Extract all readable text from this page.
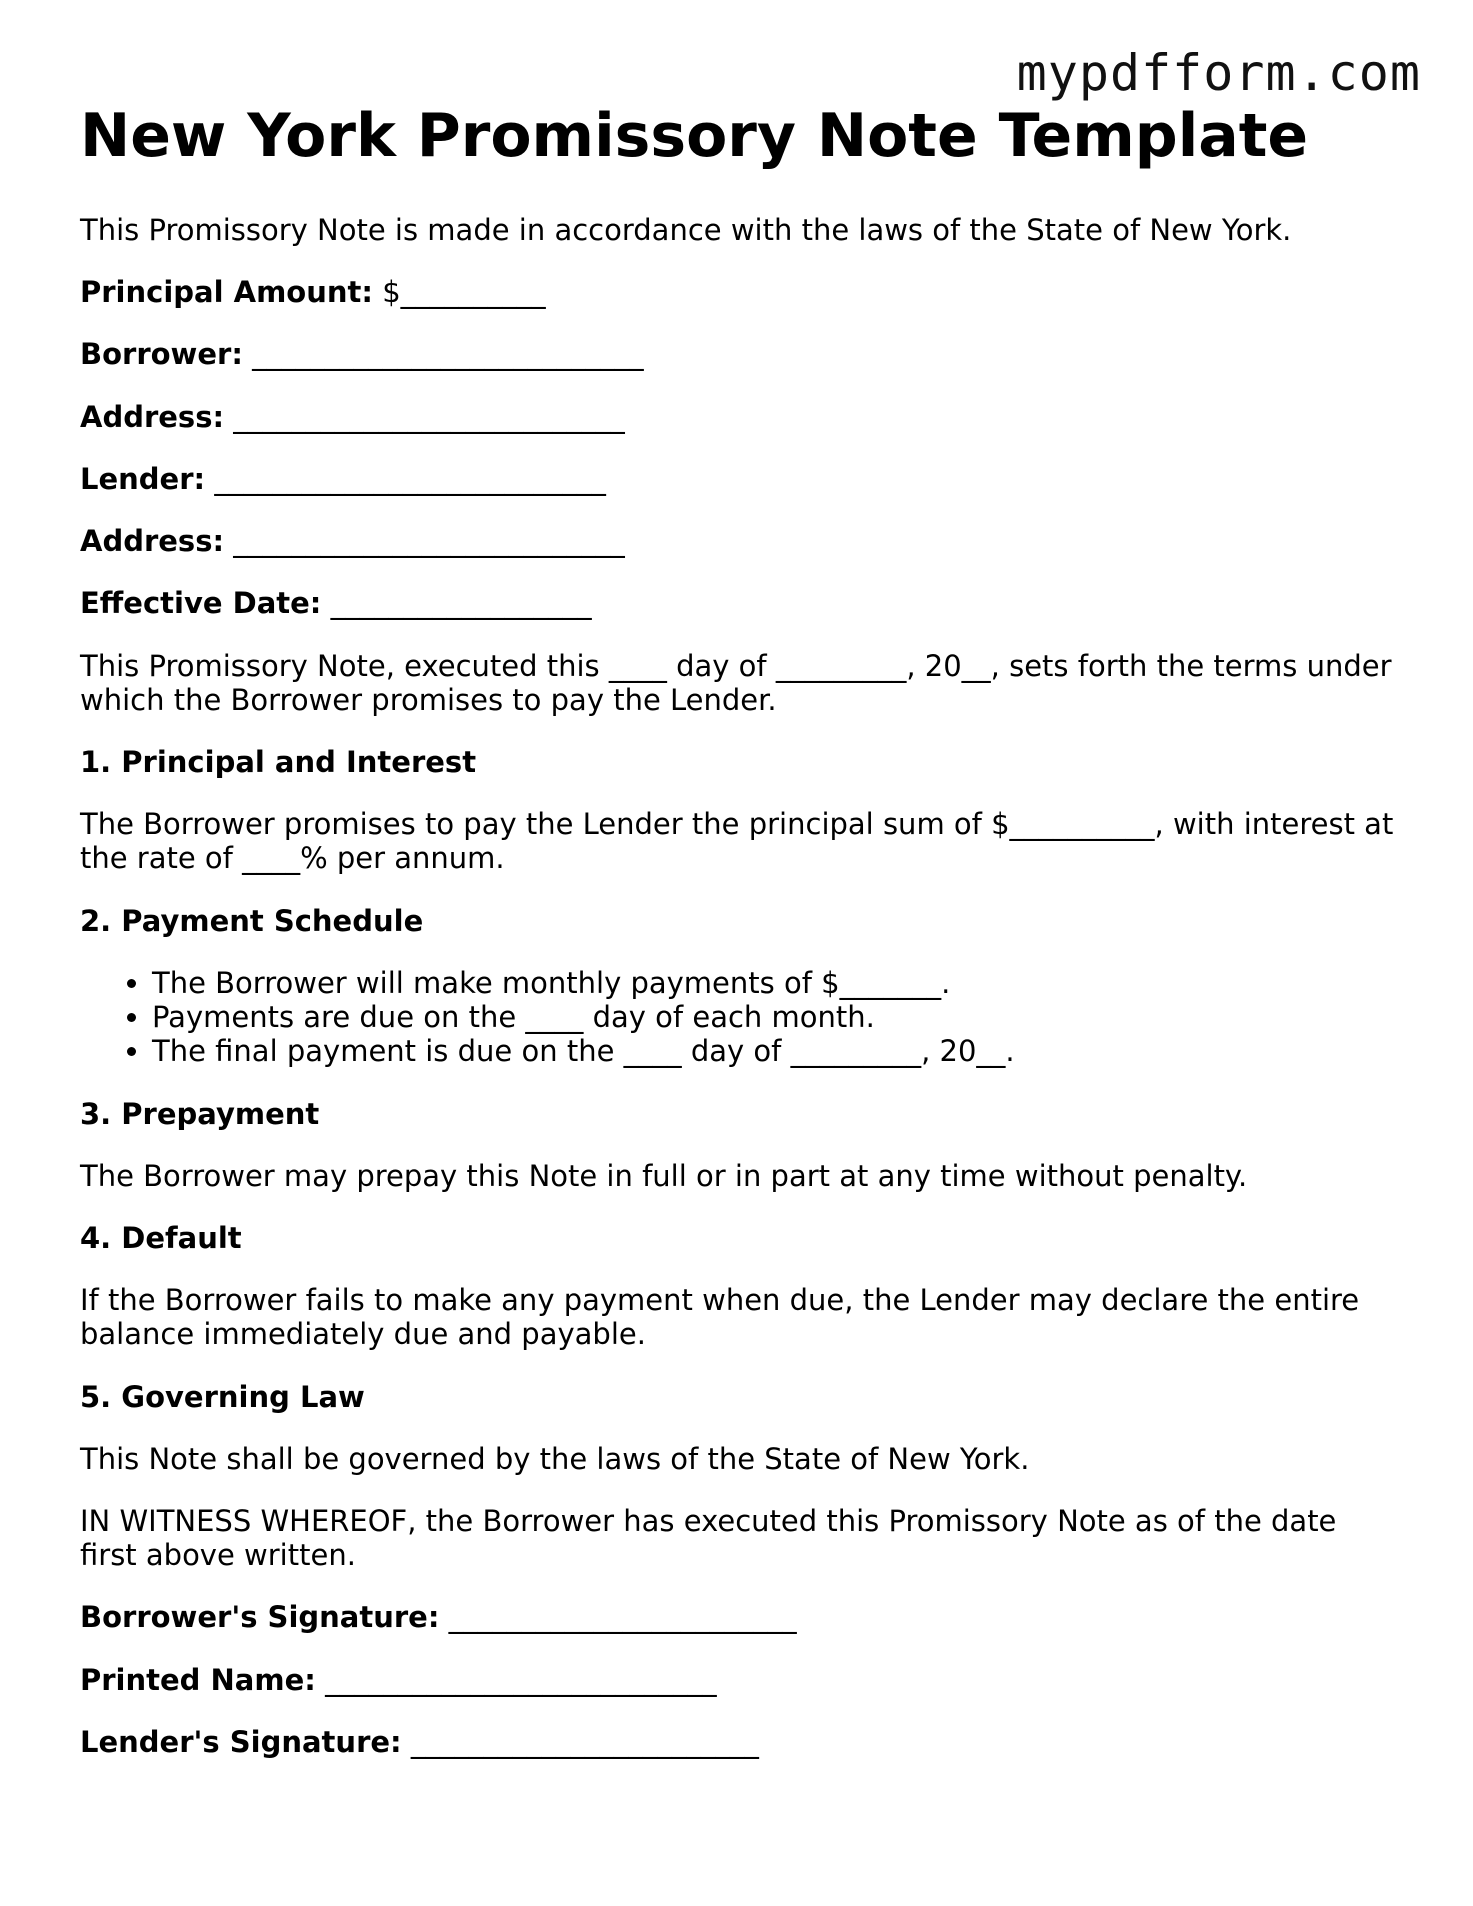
mypdfform.com
New York Promissory Note Template

This Promissory Note is made in accordance with the laws of the State of New York.

Principal Amount: $__________
Borrower: ___________________________
Address: ___________________________
Lender: ___________________________
Address: ___________________________
Effective Date: __________________

This Promissory Note, executed this ____ day of _________, 20__, sets forth the terms under which the Borrower promises to pay the Lender.

1. Principal and Interest

The Borrower promises to pay the Lender the principal sum of $__________, with interest at the rate of ____% per annum.

2. Payment Schedule
• The Borrower will make monthly payments of $_______.
• Payments are due on the ____ day of each month.
• The final payment is due on the ____ day of _________, 20__.
3. Prepayment

The Borrower may prepay this Note in full or in part at any time without penalty.

4. Default

If the Borrower fails to make any payment when due, the Lender may declare the entire balance immediately due and payable.

5. Governing Law

This Note shall be governed by the laws of the State of New York.

IN WITNESS WHEREOF, the Borrower has executed this Promissory Note as of the date first above written.

Borrower's Signature: ________________________
Printed Name: ___________________________
Lender's Signature: ________________________
